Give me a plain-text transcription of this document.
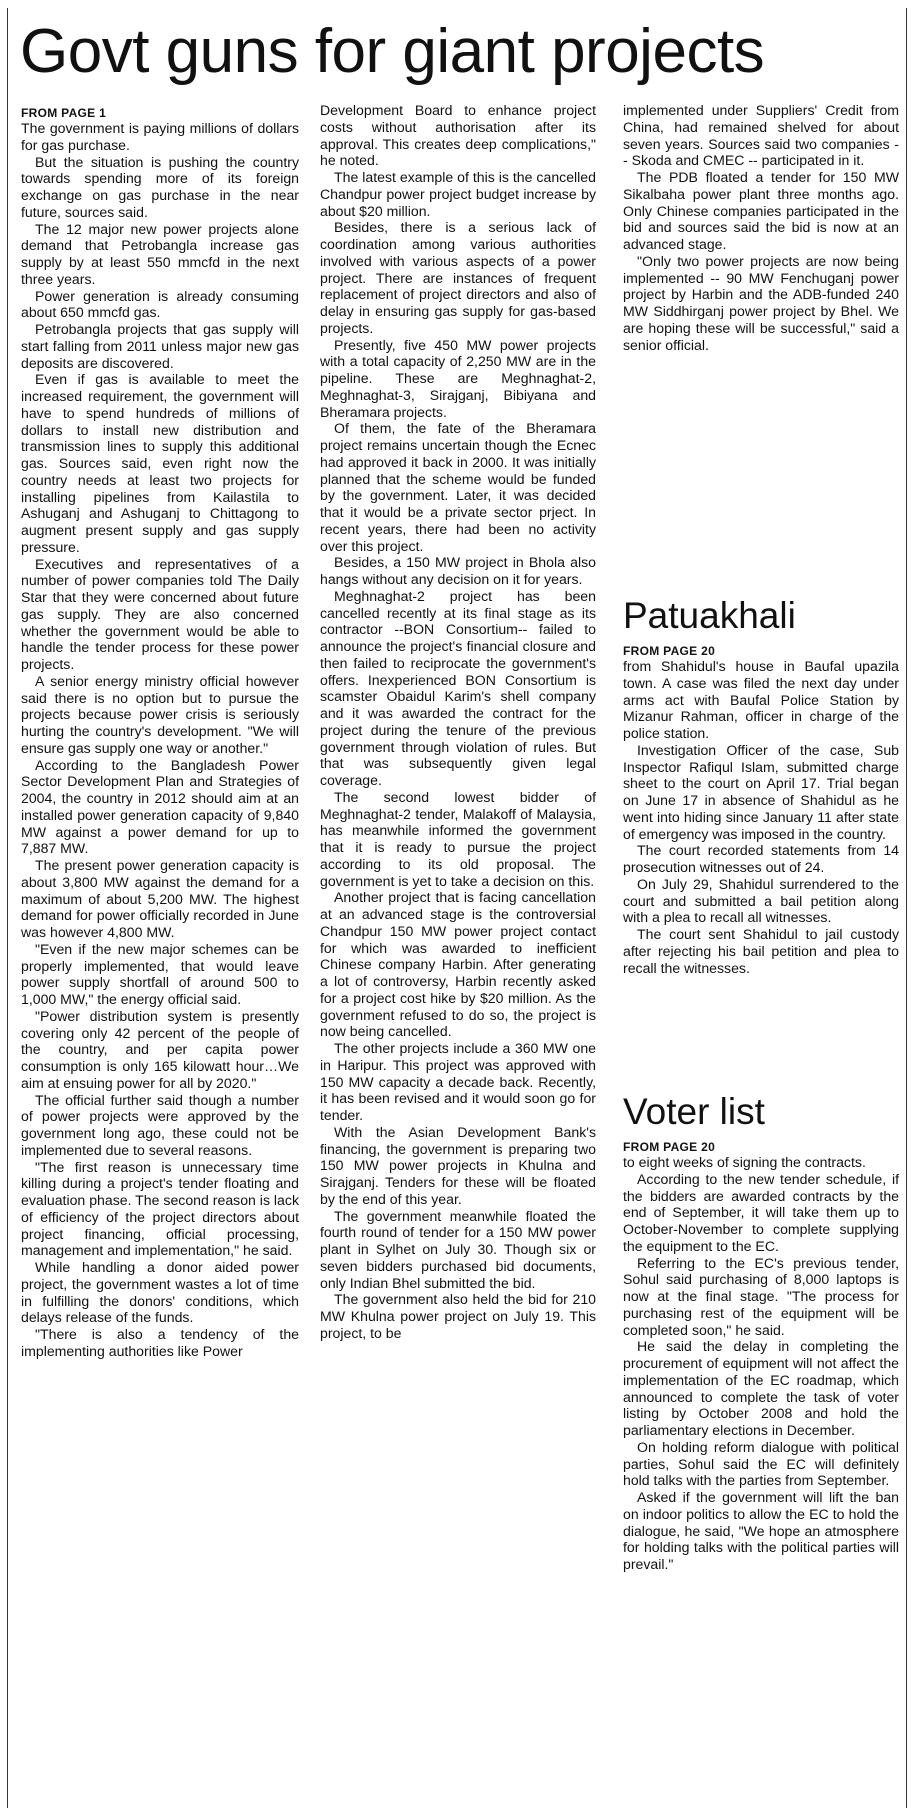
Govt guns for giant projects
FROM PAGE 1

The government is paying millions of dollars for gas purchase.

But the situation is pushing the country towards spending more of its foreign exchange on gas purchase in the near future, sources said.

The 12 major new power projects alone demand that Petrobangla increase gas supply by at least 550 mmcfd in the next three years.

Power generation is already consuming about 650 mmcfd gas.

Petrobangla projects that gas supply will start falling from 2011 unless major new gas deposits are discovered.

Even if gas is available to meet the increased requirement, the government will have to spend hundreds of millions of dollars to install new distribution and transmission lines to supply this additional gas. Sources said, even right now the country needs at least two projects for installing pipelines from Kailastila to Ashuganj and Ashuganj to Chittagong to augment present supply and gas supply pressure.

Executives and representatives of a number of power companies told The Daily Star that they were concerned about future gas supply. They are also concerned whether the government would be able to handle the tender process for these power projects.

A senior energy ministry official however said there is no option but to pursue the projects because power crisis is seriously hurting the country's development. "We will ensure gas supply one way or another."

According to the Bangladesh Power Sector Development Plan and Strategies of 2004, the country in 2012 should aim at an installed power generation capacity of 9,840 MW against a power demand for up to 7,887 MW.

The present power generation capacity is about 3,800 MW against the demand for a maximum of about 5,200 MW. The highest demand for power officially recorded in June was however 4,800 MW.

"Even if the new major schemes can be properly implemented, that would leave power supply shortfall of around 500 to 1,000 MW," the energy official said.

"Power distribution system is presently covering only 42 percent of the people of the country, and per capita power consumption is only 165 kilowatt hour…We aim at ensuing power for all by 2020."

The official further said though a number of power projects were approved by the government long ago, these could not be implemented due to several reasons.

"The first reason is unnecessary time killing during a project's tender floating and evaluation phase. The second reason is lack of efficiency of the project directors about project financing, official processing, management and implementation," he said.

While handling a donor aided power project, the government wastes a lot of time in fulfilling the donors' conditions, which delays release of the funds.

"There is also a tendency of the implementing authorities like Power

Development Board to enhance project costs without authorisation after its approval. This creates deep complications," he noted.

The latest example of this is the cancelled Chandpur power project budget increase by about $20 million.

Besides, there is a serious lack of coordination among various authorities involved with various aspects of a power project. There are instances of frequent replacement of project directors and also of delay in ensuring gas supply for gas-based projects.

Presently, five 450 MW power projects with a total capacity of 2,250 MW are in the pipeline. These are Meghnaghat-2, Meghnaghat-3, Sirajganj, Bibiyana and Bheramara projects.

Of them, the fate of the Bheramara project remains uncertain though the Ecnec had approved it back in 2000. It was initially planned that the scheme would be funded by the government. Later, it was decided that it would be a private sector prject. In recent years, there had been no activity over this project.

Besides, a 150 MW project in Bhola also hangs without any decision on it for years.

Meghnaghat-2 project has been cancelled recently at its final stage as its contractor --BON Consortium-- failed to announce the project's financial closure and then failed to reciprocate the government's offers. Inexperienced BON Consortium is scamster Obaidul Karim's shell company and it was awarded the contract for the project during the tenure of the previous government through violation of rules. But that was subsequently given legal coverage.

The second lowest bidder of Meghnaghat-2 tender, Malakoff of Malaysia, has meanwhile informed the government that it is ready to pursue the project according to its old proposal. The government is yet to take a decision on this.

Another project that is facing cancellation at an advanced stage is the controversial Chandpur 150 MW power project contact for which was awarded to inefficient Chinese company Harbin. After generating a lot of controversy, Harbin recently asked for a project cost hike by $20 million. As the government refused to do so, the project is now being cancelled.

The other projects include a 360 MW one in Haripur. This project was approved with 150 MW capacity a decade back. Recently, it has been revised and it would soon go for tender.

With the Asian Development Bank's financing, the government is preparing two 150 MW power projects in Khulna and Sirajganj. Tenders for these will be floated by the end of this year.

The government meanwhile floated the fourth round of tender for a 150 MW power plant in Sylhet on July 30. Though six or seven bidders purchased bid documents, only Indian Bhel submitted the bid.

The government also held the bid for 210 MW Khulna power project on July 19. This project, to be

implemented under Suppliers' Credit from China, had remained shelved for about seven years. Sources said two companies -- Skoda and CMEC -- participated in it.

The PDB floated a tender for 150 MW Sikalbaha power plant three months ago. Only Chinese companies participated in the bid and sources said the bid is now at an advanced stage.

"Only two power projects are now being implemented -- 90 MW Fenchuganj power project by Harbin and the ADB-funded 240 MW Siddhirganj power project by Bhel. We are hoping these will be successful," said a senior official.

Patuakhali
FROM PAGE 20

from Shahidul's house in Baufal upazila town. A case was filed the next day under arms act with Baufal Police Station by Mizanur Rahman, officer in charge of the police station.

Investigation Officer of the case, Sub Inspector Rafiqul Islam, submitted charge sheet to the court on April 17. Trial began on June 17 in absence of Shahidul as he went into hiding since January 11 after state of emergency was imposed in the country.

The court recorded statements from 14 prosecution witnesses out of 24.

On July 29, Shahidul surrendered to the court and submitted a bail petition along with a plea to recall all witnesses.

The court sent Shahidul to jail custody after rejecting his bail petition and plea to recall the witnesses.

Voter list
FROM PAGE 20

to eight weeks of signing the contracts.

According to the new tender schedule, if the bidders are awarded contracts by the end of September, it will take them up to October-November to complete supplying the equipment to the EC.

Referring to the EC's previous tender, Sohul said purchasing of 8,000 laptops is now at the final stage. "The process for purchasing rest of the equipment will be completed soon," he said.

He said the delay in completing the procurement of equipment will not affect the implementation of the EC roadmap, which announced to complete the task of voter listing by October 2008 and hold the parliamentary elections in December.

On holding reform dialogue with political parties, Sohul said the EC will definitely hold talks with the parties from September.

Asked if the government will lift the ban on indoor politics to allow the EC to hold the dialogue, he said, "We hope an atmosphere for holding talks with the political parties will prevail."
